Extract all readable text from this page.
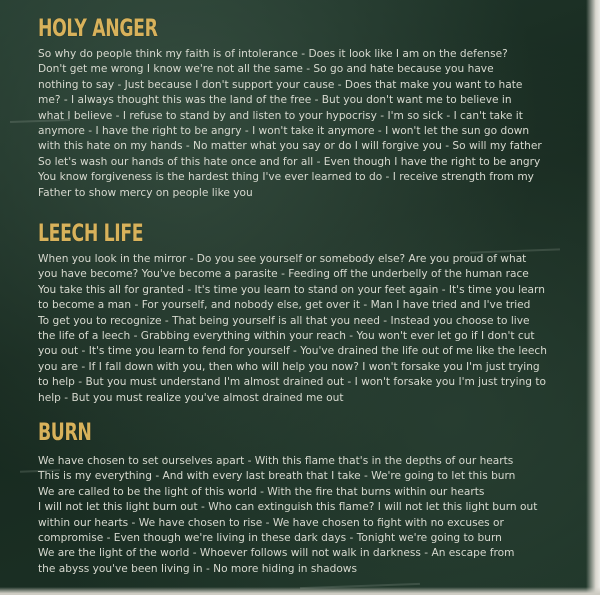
HOLY ANGER
So why do people think my faith is of intolerance - Does it look like I am on the defense?
Don't get me wrong I know we're not all the same - So go and hate because you have
nothing to say - Just because I don't support your cause - Does that make you want to hate
me? - I always thought this was the land of the free - But you don't want me to believe in
what I believe - I refuse to stand by and listen to your hypocrisy - I'm so sick - I can't take it
anymore - I have the right to be angry - I won't take it anymore - I won't let the sun go down
with this hate on my hands - No matter what you say or do I will forgive you - So will my father
So let's wash our hands of this hate once and for all - Even though I have the right to be angry
You know forgiveness is the hardest thing I've ever learned to do - I receive strength from my
Father to show mercy on people like you
LEECH LIFE
When you look in the mirror - Do you see yourself or somebody else? Are you proud of what
you have become? You've become a parasite - Feeding off the underbelly of the human race
You take this all for granted - It's time you learn to stand on your feet again - It's time you learn
to become a man - For yourself, and nobody else, get over it - Man I have tried and I've tried
To get you to recognize - That being yourself is all that you need - Instead you choose to live
the life of a leech - Grabbing everything within your reach - You won't ever let go if I don't cut
you out - It's time you learn to fend for yourself - You've drained the life out of me like the leech
you are - If I fall down with you, then who will help you now? I won't forsake you I'm just trying
to help - But you must understand I'm almost drained out - I won't forsake you I'm just trying to
help - But you must realize you've almost drained me out
BURN
We have chosen to set ourselves apart - With this flame that's in the depths of our hearts
This is my everything - And with every last breath that I take - We're going to let this burn
We are called to be the light of this world - With the fire that burns within our hearts
I will not let this light burn out - Who can extinguish this flame? I will not let this light burn out
within our hearts - We have chosen to rise - We have chosen to fight with no excuses or
compromise - Even though we're living in these dark days - Tonight we're going to burn
We are the light of the world - Whoever follows will not walk in darkness - An escape from
the abyss you've been living in - No more hiding in shadows
